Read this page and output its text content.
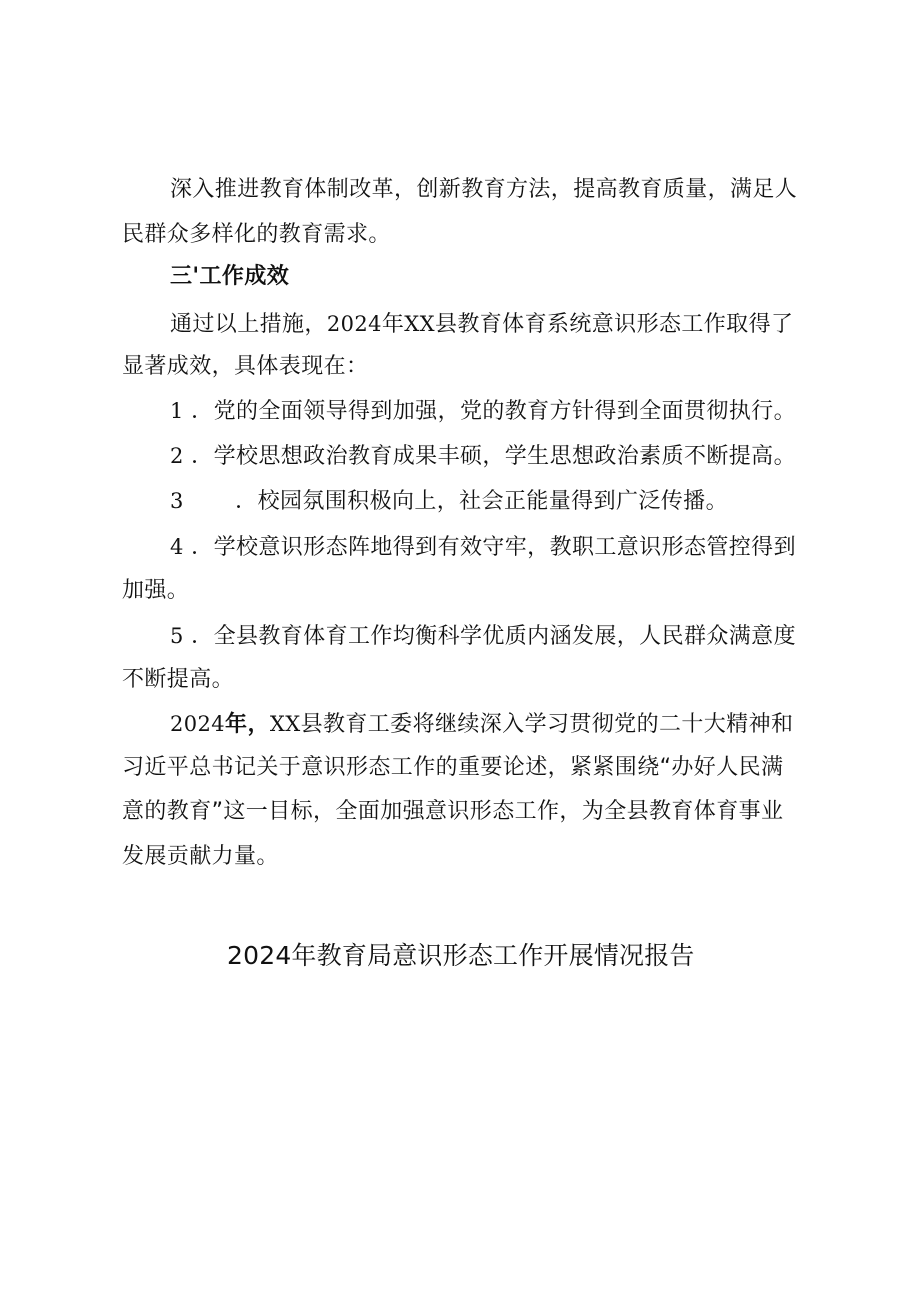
深入推进教育体制改革，创新教育方法，提高教育质量，满足人
民群众多样化的教育需求。
三'工作成效
通过以上措施，2024年XX县教育体育系统意识形态工作取得了
显著成效，具体表现在：
1 ．党的全面领导得到加强，党的教育方针得到全面贯彻执行。
2 ．学校思想政治教育成果丰硕，学生思想政治素质不断提高。
3 ．校园氛围积极向上，社会正能量得到广泛传播。
4 ．学校意识形态阵地得到有效守牢，教职工意识形态管控得到
加强。
5 ．全县教育体育工作均衡科学优质内涵发展，人民群众满意度
不断提高。
2024年，XX县教育工委将继续深入学习贯彻党的二十大精神和
习近平总书记关于意识形态工作的重要论述，紧紧围绕“办好人民满
意的教育”这一目标，全面加强意识形态工作，为全县教育体育事业
发展贡献力量。
2024年教育局意识形态工作开展情况报告
